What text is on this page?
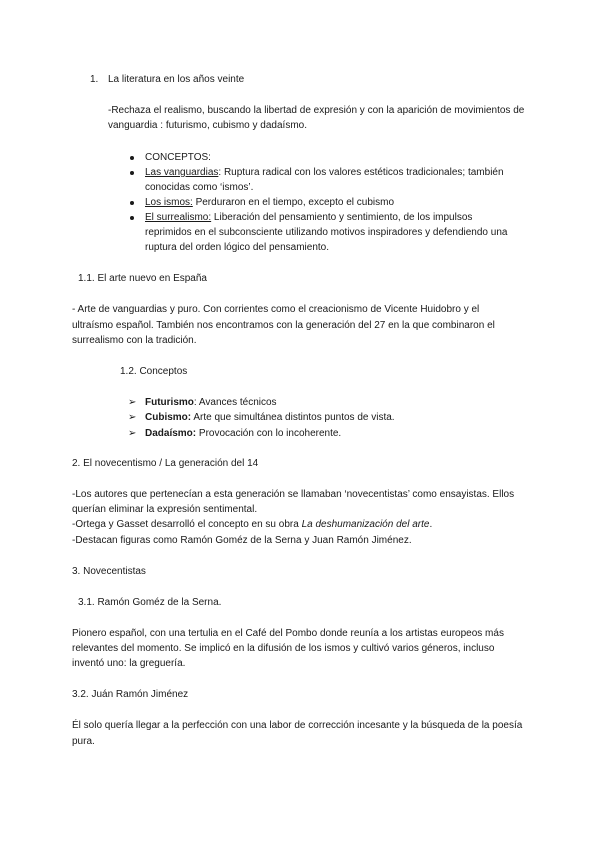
1. La literatura en los años veinte
-Rechaza el realismo, buscando la libertad de expresión y con la aparición de movimientos de
vanguardia : futurismo, cubismo y dadaísmo.
CONCEPTOS:
Las vanguardias: Ruptura radical con los valores estéticos tradicionales; también
conocidas como ‘ismos’.
Los ismos: Perduraron en el tiempo, excepto el cubismo
El surrealismo: Liberación del pensamiento y sentimiento, de los impulsos
reprimidos en el subconsciente utilizando motivos inspiradores y defendiendo una
ruptura del orden lógico del pensamiento.
1.1. El arte nuevo en España
- Arte de vanguardias y puro. Con corrientes como el creacionismo de Vicente Huidobro y el
ultraísmo español. También nos encontramos con la generación del 27 en la que combinaron el
surrealismo con la tradición.
1.2. Conceptos
➢ Futurismo: Avances técnicos
➢ Cubismo: Arte que simultánea distintos puntos de vista.
➢ Dadaísmo: Provocación con lo incoherente.
2. El novecentismo / La generación del 14
-Los autores que pertenecían a esta generación se llamaban ‘novecentistas’ como ensayistas. Ellos
querían eliminar la expresión sentimental.
-Ortega y Gasset desarrolló el concepto en su obra La deshumanización del arte.
-Destacan figuras como Ramón Goméz de la Serna y Juan Ramón Jiménez.
3. Novecentistas
3.1. Ramón Goméz de la Serna.
Pionero español, con una tertulia en el Café del Pombo donde reunía a los artistas europeos más
relevantes del momento. Se implicó en la difusión de los ismos y cultivó varios géneros, incluso
inventó uno: la greguería.
3.2. Juán Ramón Jiménez
Él solo quería llegar a la perfección con una labor de corrección incesante y la búsqueda de la poesía
pura.
